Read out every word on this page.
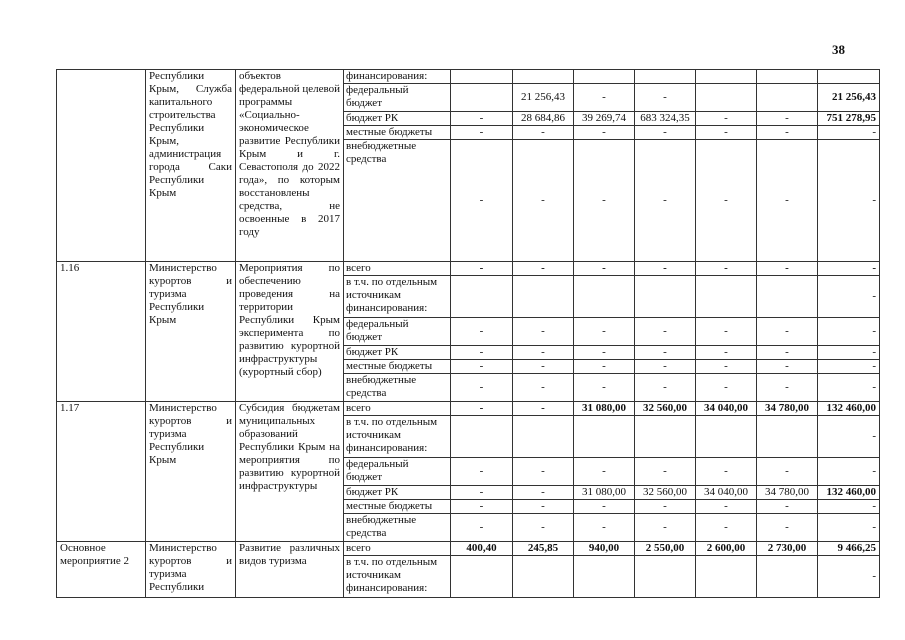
38
	Республики Крым, Служба капитального строительства Республики Крым, администрация города Саки Республики Крым	объектов федеральной целевой программы «Социально-экономическое развитие Республики Крым и г. Севастополя до 2022 года», по которым восстановлены средства, не освоенные в 2017 году	финансирования:							
			федеральный бюджет		21 256,43	-	-			21 256,43
			бюджет РК	-	28 684,86	39 269,74	683 324,35	-	-	751 278,95
			местные бюджеты	-	-	-	-	-	-	-
			внебюджетные средства	-	-	-	-	-	-	-
1.16	Министерство курортов и туризма Республики Крым	Мероприятия по обеспечению проведения на территории Республики Крым эксперимента по развитию курортной инфраструктуры (курортный сбор)	всего	-	-	-	-	-	-	-
			в т.ч. по отдельным источникам финансирования:							-
			федеральный бюджет	-	-	-	-	-	-	-
			бюджет РК	-	-	-	-	-	-	-
			местные бюджеты	-	-	-	-	-	-	-
			внебюджетные средства	-	-	-	-	-	-	-
1.17	Министерство курортов и туризма Республики Крым	Субсидия бюджетам муниципальных образований Республики Крым на мероприятия по развитию курортной инфраструктуры	всего	-	-	31 080,00	32 560,00	34 040,00	34 780,00	132 460,00
			в т.ч. по отдельным источникам финансирования:							-
			федеральный бюджет	-	-	-	-	-	-	-
			бюджет РК	-	-	31 080,00	32 560,00	34 040,00	34 780,00	132 460,00
			местные бюджеты	-	-	-	-	-	-	-
			внебюджетные средства	-	-	-	-	-	-	-
Основное мероприятие 2	Министерство курортов и туризма Республики	Развитие различных видов туризма	всего	400,40	245,85	940,00	2 550,00	2 600,00	2 730,00	9 466,25
			в т.ч. по отдельным источникам финансирования:							-
